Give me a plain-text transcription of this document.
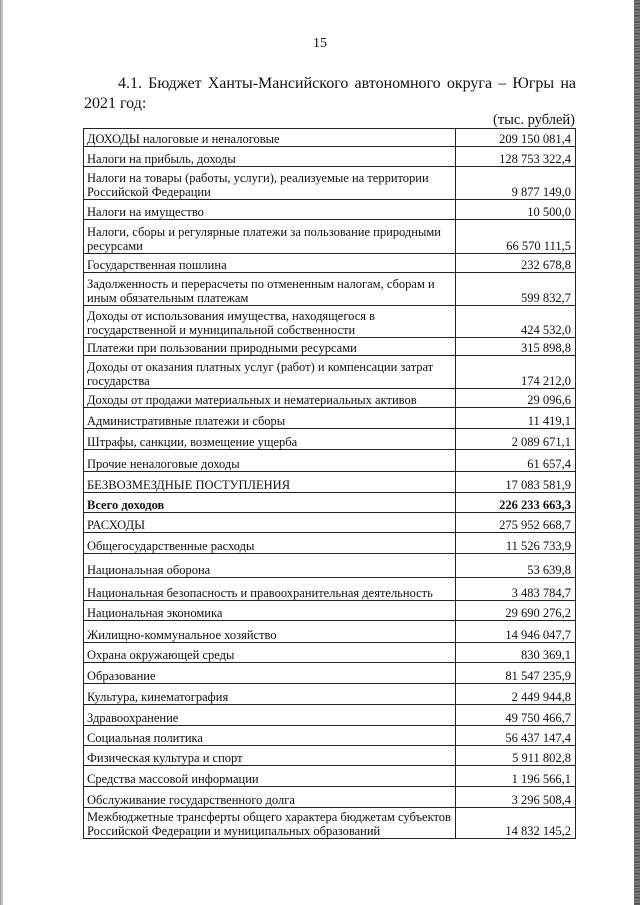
15
4.1. Бюджет Ханты-Мансийского автономного округа – Югры на
2021 год:
(тыс. рублей)
ДОХОДЫ налоговые и неналоговые	209 150 081,4
Налоги на прибыль, доходы	128 753 322,4
Налоги на товары (работы, услуги), реализуемые на территории Российской Федерации	9 877 149,0
Налоги на имущество	10 500,0
Налоги, сборы и регулярные платежи за пользование природными ресурсами	66 570 111,5
Государственная пошлина	232 678,8
Задолженность и перерасчеты по отмененным налогам, сборам и иным обязательным платежам	599 832,7
Доходы от использования имущества, находящегося в государственной и муниципальной собственности	424 532,0
Платежи при пользовании природными ресурсами	315 898,8
Доходы от оказания платных услуг (работ) и компенсации затрат государства	174 212,0
Доходы от продажи материальных и нематериальных активов	29 096,6
Административные платежи и сборы	11 419,1
Штрафы, санкции, возмещение ущерба	2 089 671,1
Прочие неналоговые доходы	61 657,4
БЕЗВОЗМЕЗДНЫЕ ПОСТУПЛЕНИЯ	17 083 581,9
Всего доходов	226 233 663,3
РАСХОДЫ	275 952 668,7
Общегосударственные расходы	11 526 733,9
Национальная оборона	53 639,8
Национальная безопасность и правоохранительная деятельность	3 483 784,7
Национальная экономика	29 690 276,2
Жилищно-коммунальное хозяйство	14 946 047,7
Охрана окружающей среды	830 369,1
Образование	81 547 235,9
Культура, кинематография	2 449 944,8
Здравоохранение	49 750 466,7
Социальная политика	56 437 147,4
Физическая культура и спорт	5 911 802,8
Средства массовой информации	1 196 566,1
Обслуживание государственного долга	3 296 508,4
Межбюджетные трансферты общего характера бюджетам субъектов Российской Федерации и муниципальных образований	14 832 145,2
